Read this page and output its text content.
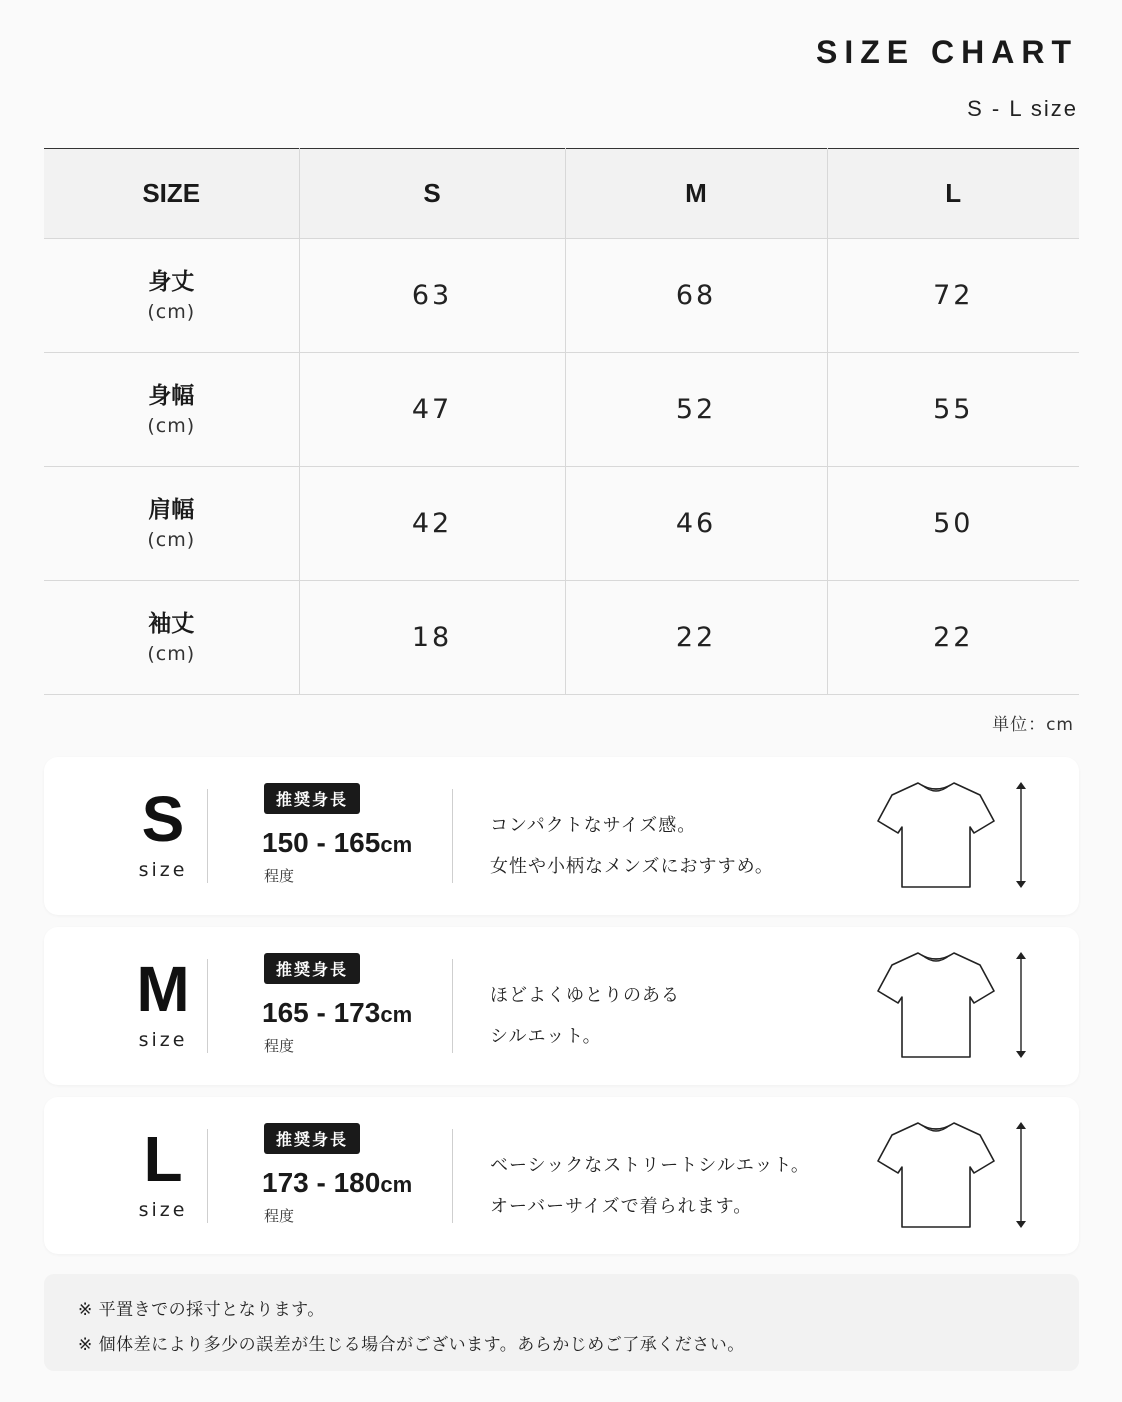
SIZE CHART
S - L size
SIZE	S	M	L

身丈
(cm)	63	68	72

身幅
(cm)	47	52	55

肩幅
(cm)	42	46	50

袖丈
(cm)	18	22	22
単位：cm
S
size
推奨身長
150 - 165cm
程度
コンパクトなサイズ感。
女性や小柄なメンズにおすすめ。
M
size
推奨身長
165 - 173cm
程度
ほどよくゆとりのある
シルエット。
L
size
推奨身長
173 - 180cm
程度
ベーシックなストリートシルエット。
オーバーサイズで着られます。

※ 平置きでの採寸となります。

※ 個体差により多少の誤差が生じる場合がございます。あらかじめご了承ください。
